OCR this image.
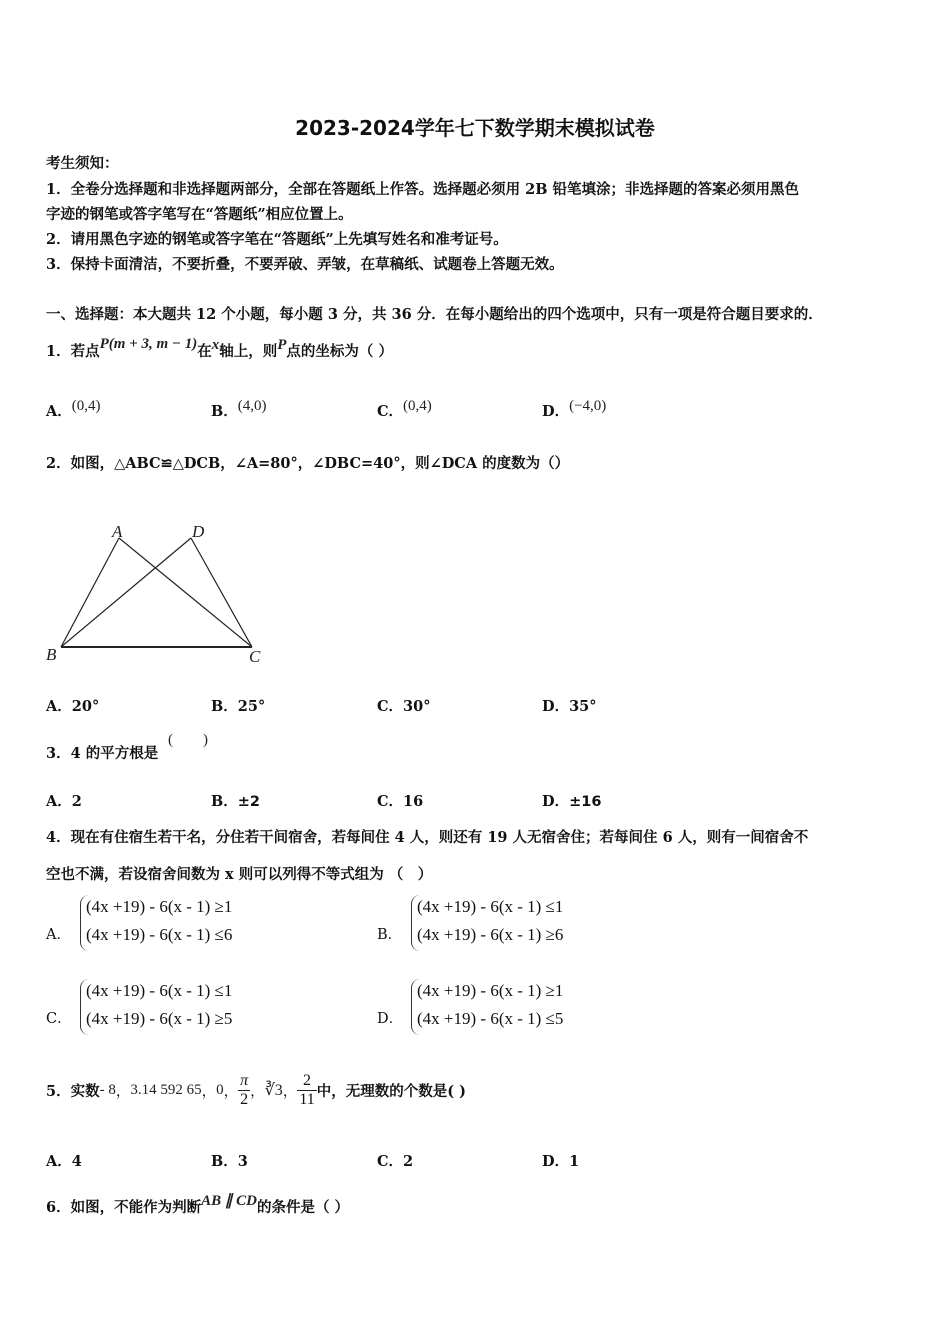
2023-2024学年七下数学期末模拟试卷
考生须知：
1．全卷分选择题和非选择题两部分，全部在答题纸上作答。选择题必须用 2B 铅笔填涂；非选择题的答案必须用黑色
字迹的钢笔或答字笔写在“答题纸”相应位置上。
2．请用黑色字迹的钢笔或答字笔在“答题纸”上先填写姓名和准考证号。
3．保持卡面清洁，不要折叠，不要弄破、弄皱，在草稿纸、试题卷上答题无效。
一、选择题：本大题共 12 个小题，每小题 3 分，共 36 分．在每小题给出的四个选项中，只有一项是符合题目要求的．
1．若点P(m + 3, m − 1)在x轴上，则P点的坐标为（ ）
A．(0,4)	B．(4,0)	C．(0,4)	D．(−4,0)
2．如图，△ABC≌△DCB，∠A=80°，∠DBC=40°，则∠DCA 的度数为（）
A	D
B	C
A．20°	B．25°	C．30°	D．35°
3．4 的平方根是
(　　)
A．2	B．±2	C．16	D．±16
4．现在有住宿生若干名，分住若干间宿舍，若每间住 4 人，则还有 19 人无宿舍住；若每间住 6 人，则有一间宿舍不
空也不满，若设宿舍间数为 x 则可以列得不等式组为 （　）
A．
(4x +19) - 6(x - 1) ≥1
(4x +19) - 6(x - 1) ≤6	B．
(4x +19) - 6(x - 1) ≤1
(4x +19) - 6(x - 1) ≥6
C．
(4x +19) - 6(x - 1) ≤1
(4x +19) - 6(x - 1) ≥5	D．
(4x +19) - 6(x - 1) ≥1
(4x +19) - 6(x - 1) ≤5
5．实数 - 8 ， 3.14 592 65 ， 0 ， $\frac{\pi}{2}$ ， ∛3 ， $\frac{2}{11}$ 中，无理数的个数是( )
A．4	B．3	C．2	D．1
6．如图，不能作为判断AB ∥ CD的条件是（ ）
